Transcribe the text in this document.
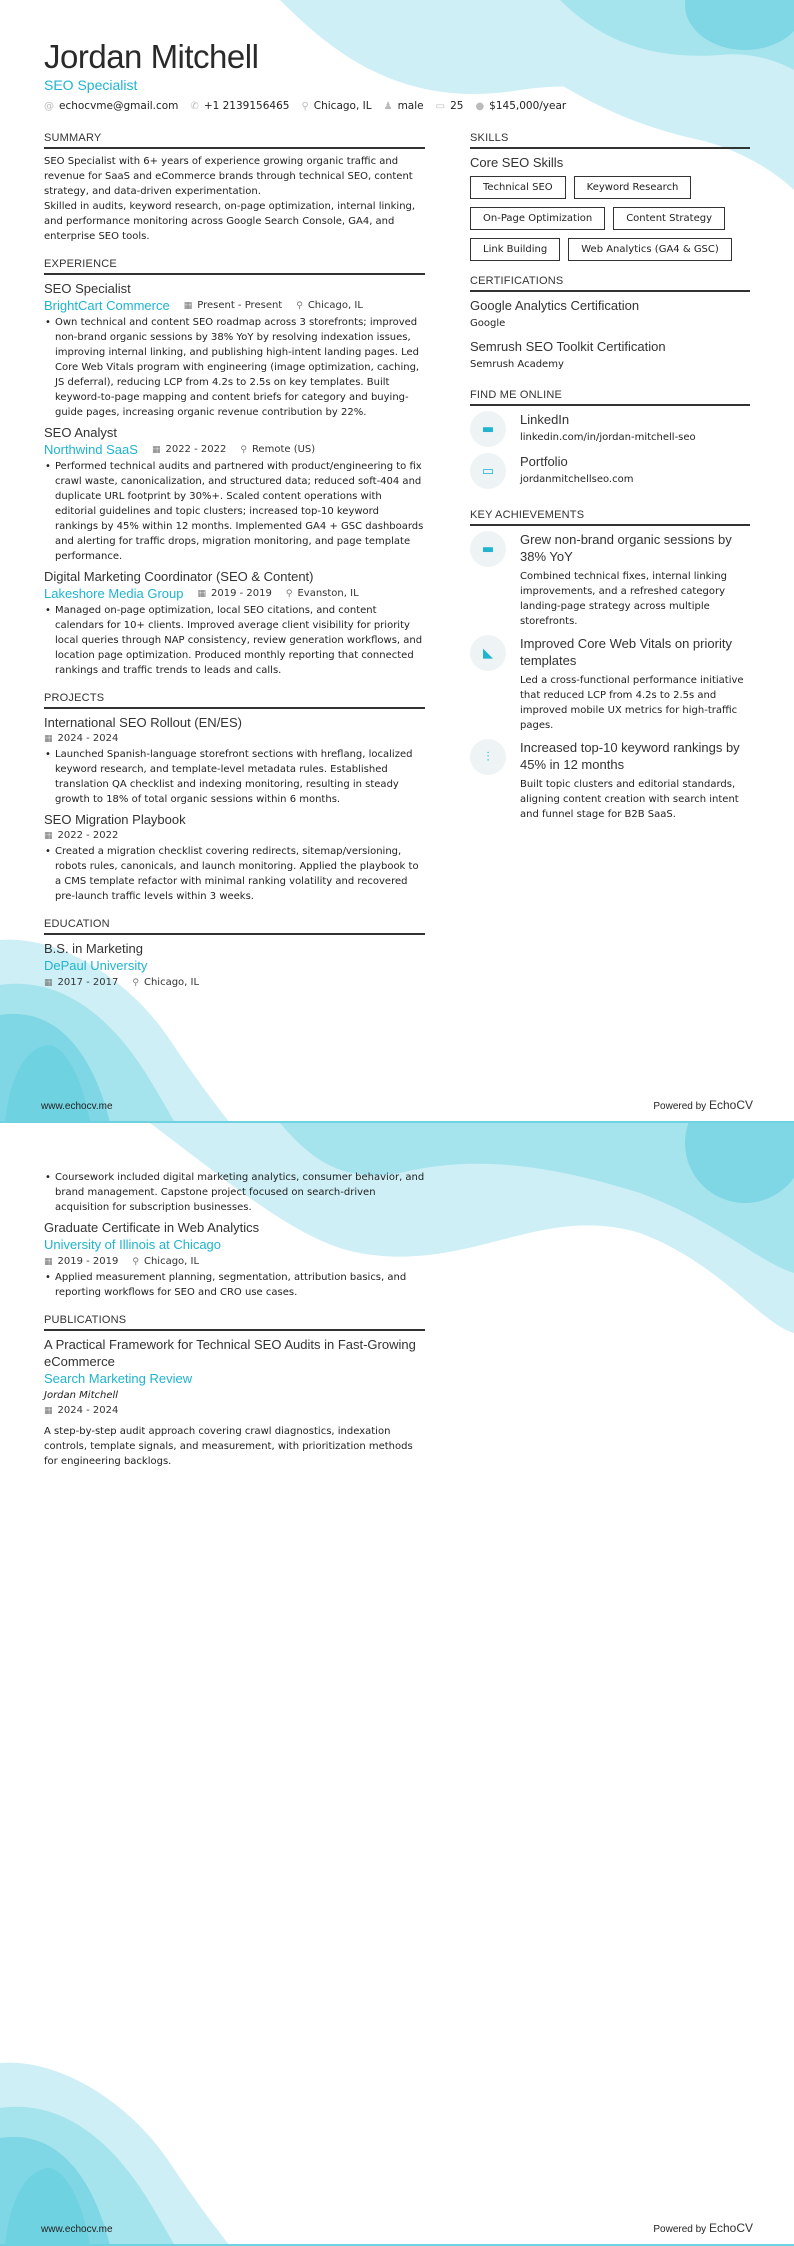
Jordan Mitchell
SEO Specialist
@ echocvme@gmail.com ✆ +1 2139156465 ⚲ Chicago, IL ♟ male ▭ 25 ● $145,000/year
SUMMARY

SEO Specialist with 6+ years of experience growing organic traffic and revenue for SaaS and eCommerce brands through technical SEO, content strategy, and data-driven experimentation.

Skilled in audits, keyword research, on-page optimization, internal linking, and performance monitoring across Google Search Console, GA4, and enterprise SEO tools.

EXPERIENCE
SEO Specialist
BrightCart Commerce ▦ Present - Present ⚲ Chicago, IL
• Own technical and content SEO roadmap across 3 storefronts; improved non-brand organic sessions by 38% YoY by resolving indexation issues, improving internal linking, and publishing high-intent landing pages. Led Core Web Vitals program with engineering (image optimization, caching, JS deferral), reducing LCP from 4.2s to 2.5s on key templates. Built keyword-to-page mapping and content briefs for category and buying-guide pages, increasing organic revenue contribution by 22%.
SEO Analyst
Northwind SaaS ▦ 2022 - 2022 ⚲ Remote (US)
• Performed technical audits and partnered with product/engineering to fix crawl waste, canonicalization, and structured data; reduced soft-404 and duplicate URL footprint by 30%+. Scaled content operations with editorial guidelines and topic clusters; increased top-10 keyword rankings by 45% within 12 months. Implemented GA4 + GSC dashboards and alerting for traffic drops, migration monitoring, and page template performance.
Digital Marketing Coordinator (SEO & Content)
Lakeshore Media Group ▦ 2019 - 2019 ⚲ Evanston, IL
• Managed on-page optimization, local SEO citations, and content calendars for 10+ clients. Improved average client visibility for priority local queries through NAP consistency, review generation workflows, and location page optimization. Produced monthly reporting that connected rankings and traffic trends to leads and calls.
PROJECTS
International SEO Rollout (EN/ES)
▦ 2024 - 2024
• Launched Spanish-language storefront sections with hreflang, localized keyword research, and template-level metadata rules. Established translation QA checklist and indexing monitoring, resulting in steady growth to 18% of total organic sessions within 6 months.
SEO Migration Playbook
▦ 2022 - 2022
• Created a migration checklist covering redirects, sitemap/versioning, robots rules, canonicals, and launch monitoring. Applied the playbook to a CMS template refactor with minimal ranking volatility and recovered pre-launch traffic levels within 3 weeks.
EDUCATION
B.S. in Marketing
DePaul University
▦ 2017 - 2017 ⚲ Chicago, IL
SKILLS
Core SEO Skills
Technical SEO	Keyword Research
On-Page Optimization	Content Strategy
Link Building	Web Analytics (GA4 & GSC)
CERTIFICATIONS
Google Analytics Certification
Google
Semrush SEO Toolkit Certification
Semrush Academy
FIND ME ONLINE
▬
LinkedIn
linkedin.com/in/jordan-mitchell-seo
▭
Portfolio
jordanmitchellseo.com
KEY ACHIEVEMENTS
▬
Grew non-brand organic sessions by 38% YoY
Combined technical fixes, internal linking improvements, and a refreshed category landing-page strategy across multiple storefronts.
◣
Improved Core Web Vitals on priority templates
Led a cross-functional performance initiative that reduced LCP from 4.2s to 2.5s and improved mobile UX metrics for high-traffic pages.
⫶
Increased top-10 keyword rankings by 45% in 12 months
Built topic clusters and editorial standards, aligning content creation with search intent and funnel stage for B2B SaaS.
www.echocv.me	Powered by EchoCV
• Coursework included digital marketing analytics, consumer behavior, and brand management. Capstone project focused on search-driven acquisition for subscription businesses.
Graduate Certificate in Web Analytics
University of Illinois at Chicago
▦ 2019 - 2019 ⚲ Chicago, IL
• Applied measurement planning, segmentation, attribution basics, and reporting workflows for SEO and CRO use cases.
PUBLICATIONS
A Practical Framework for Technical SEO Audits in Fast-Growing eCommerce
Search Marketing Review
Jordan Mitchell
▦ 2024 - 2024

A step-by-step audit approach covering crawl diagnostics, indexation controls, template signals, and measurement, with prioritization methods for engineering backlogs.

www.echocv.me	Powered by EchoCV
